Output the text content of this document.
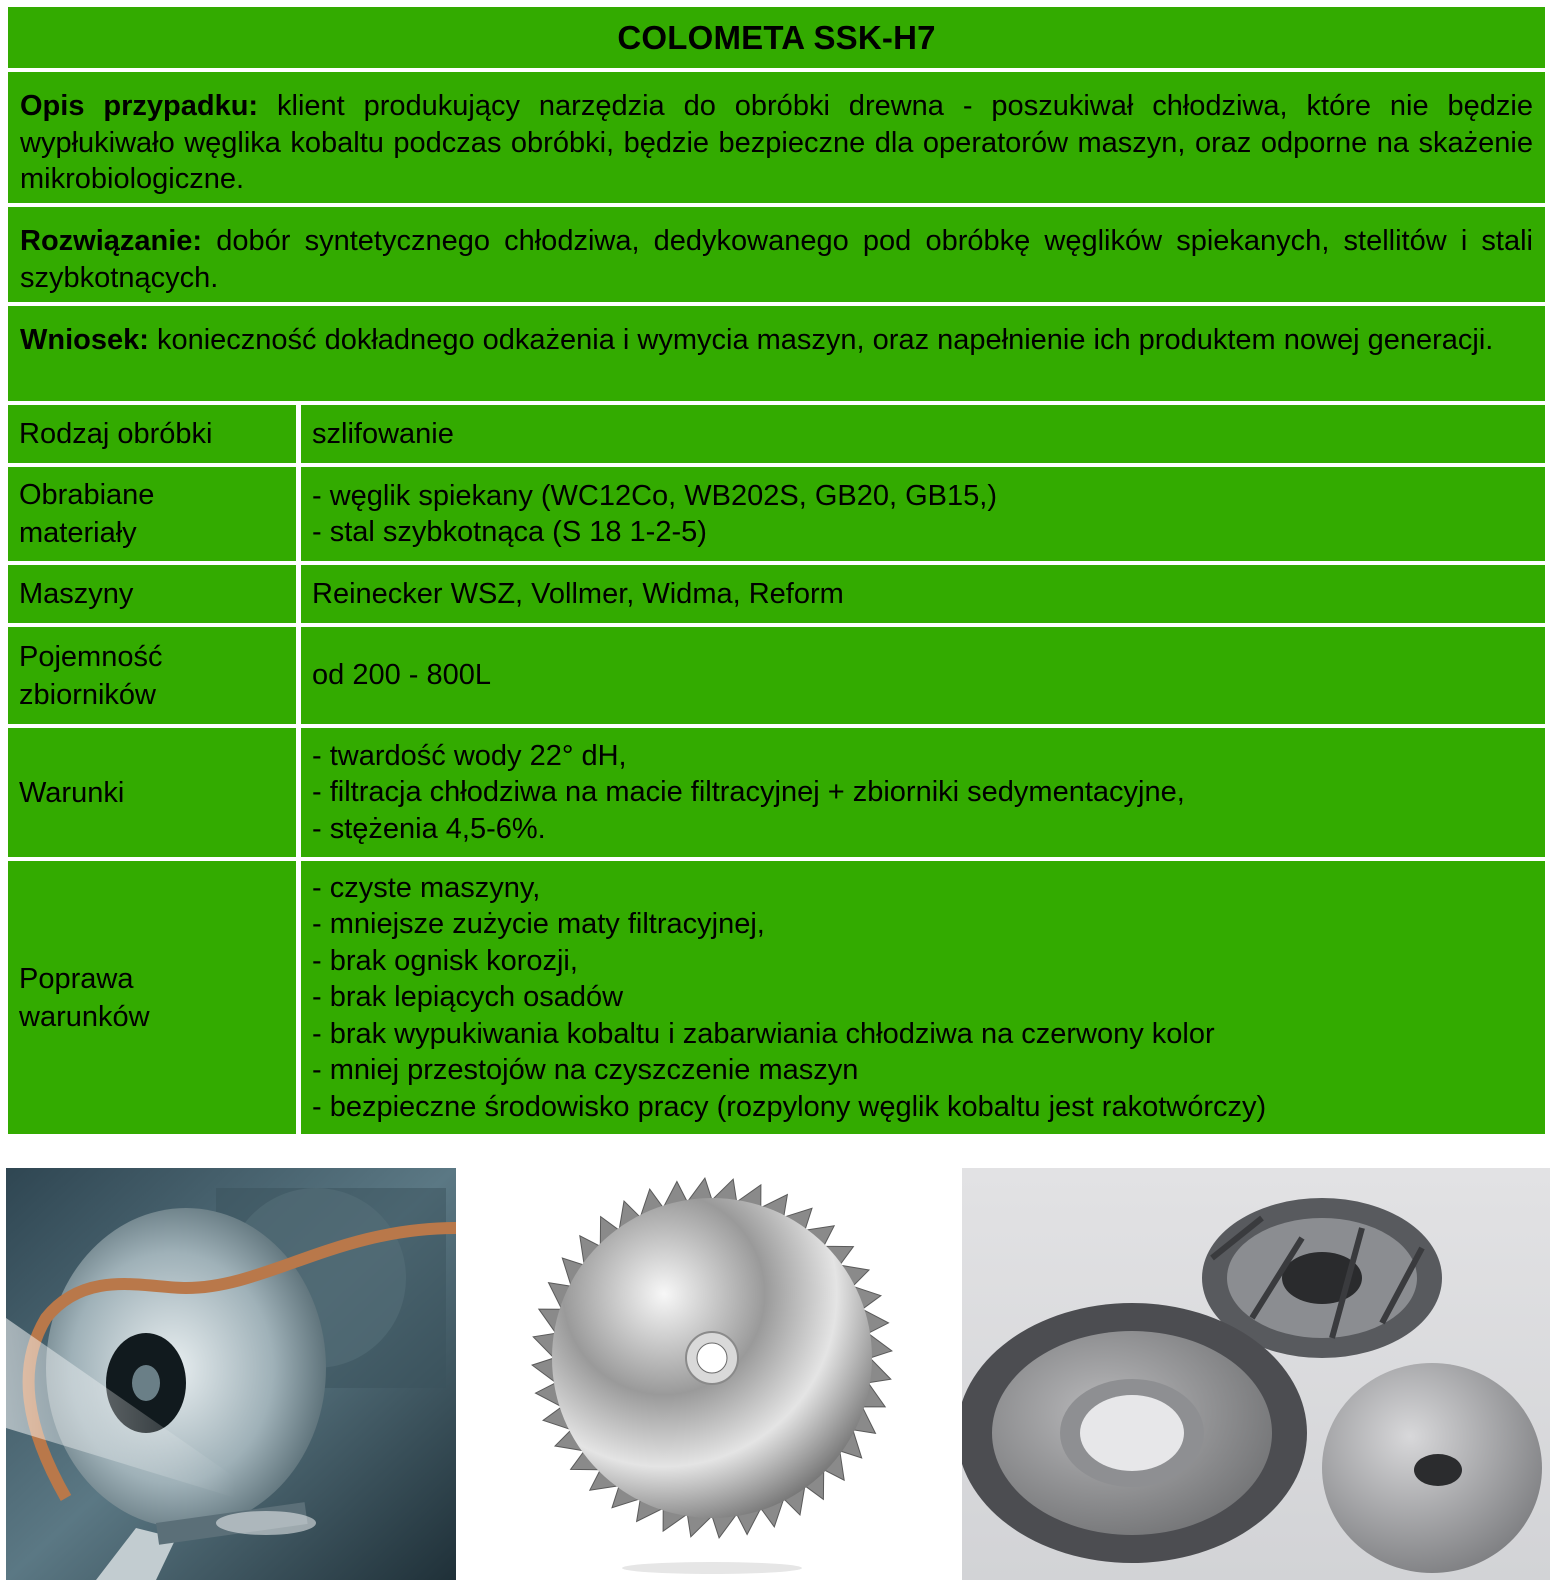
COLOMETA SSK-H7
Opis przypadku: klient produkujący narzędzia do obróbki drewna - poszukiwał chłodziwa, które nie będzie wypłukiwało węglika kobaltu podczas obróbki, będzie bezpieczne dla operatorów maszyn, oraz odporne na skażenie mikrobiologiczne.
Rozwiązanie: dobór syntetycznego chłodziwa, dedykowanego pod obróbkę węglików spiekanych, stellitów i stali szybkotnących.
Wniosek: konieczność dokładnego odkażenia i wymycia maszyn, oraz napełnienie ich produktem nowej generacji.
Rodzaj obróbki	szlifowanie
Obrabiane
materiały
- węglik spiekany (WC12Co, WB202S, GB20, GB15,)
- stal szybkotnąca (S 18 1-2-5)
Maszyny	Reinecker WSZ, Vollmer, Widma, Reform
Pojemność
zbiorników
od 200 - 800L
Warunki
- twardość wody 22° dH,
- filtracja chłodziwa na macie filtracyjnej + zbiorniki sedymentacyjne,
- stężenia 4,5-6%.
Poprawa
warunków
- czyste maszyny,
- mniejsze zużycie maty filtracyjnej,
- brak ognisk korozji,
- brak lepiących osadów
- brak wypukiwania kobaltu i zabarwiania chłodziwa na czerwony kolor
- mniej przestojów na czyszczenie maszyn
- bezpieczne środowisko pracy (rozpylony węglik kobaltu jest rakotwórczy)
